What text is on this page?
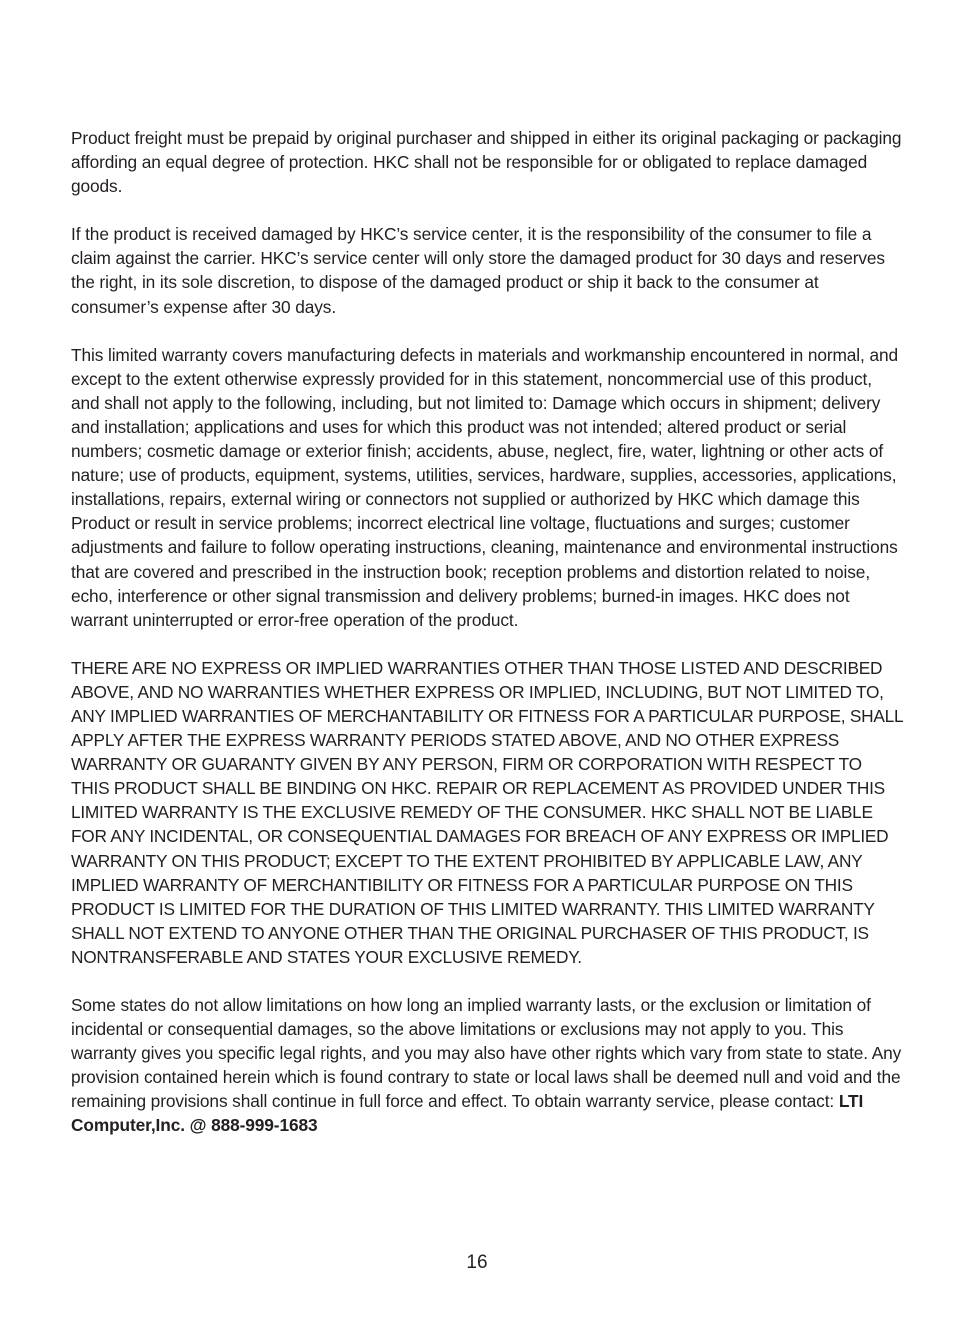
Product freight must be prepaid by original purchaser and shipped in either its original packaging or packaging affording an equal degree of protection. HKC shall not be responsible for or obligated to replace damaged goods.

If the product is received damaged by HKC’s service center, it is the responsibility of the consumer to file a claim against the carrier. HKC’s service center will only store the damaged product for 30 days and reserves the right, in its sole discretion, to dispose of the damaged product or ship it back to the consumer at consumer’s expense after 30 days.

This limited warranty covers manufacturing defects in materials and workmanship encountered in normal, and except to the extent otherwise expressly provided for in this statement, noncommercial use of this product, and shall not apply to the following, including, but not limited to: Damage which occurs in shipment; delivery and installation; applications and uses for which this product was not intended; altered product or serial numbers; cosmetic damage or exterior finish; accidents, abuse, neglect, fire, water, lightning or other acts of nature; use of products, equipment, systems, utilities, services, hardware, supplies, accessories, applications, installations, repairs, external wiring or connectors not supplied or authorized by HKC which damage this Product or result in service problems; incorrect electrical line voltage, fluctuations and surges; customer adjustments and failure to follow operating instructions, cleaning, maintenance and environmental instructions that are covered and prescribed in the instruction book; reception problems and distortion related to noise, echo, interference or other signal transmission and delivery problems; burned-in images. HKC does not warrant uninterrupted or error-free operation of the product.

THERE ARE NO EXPRESS OR IMPLIED WARRANTIES OTHER THAN THOSE LISTED AND DESCRIBED ABOVE, AND NO WARRANTIES WHETHER EXPRESS OR IMPLIED, INCLUDING, BUT NOT LIMITED TO, ANY IMPLIED WARRANTIES OF MERCHANTABILITY OR FITNESS FOR A PARTICULAR PURPOSE, SHALL APPLY AFTER THE EXPRESS WARRANTY PERIODS STATED ABOVE, AND NO OTHER EXPRESS WARRANTY OR GUARANTY GIVEN BY ANY PERSON, FIRM OR CORPORATION WITH RESPECT TO THIS PRODUCT SHALL BE BINDING ON HKC. REPAIR OR REPLACEMENT AS PROVIDED UNDER THIS LIMITED WARRANTY IS THE EXCLUSIVE REMEDY OF THE CONSUMER. HKC SHALL NOT BE LIABLE FOR ANY INCIDENTAL, OR CONSEQUENTIAL DAMAGES FOR BREACH OF ANY EXPRESS OR IMPLIED WARRANTY ON THIS PRODUCT; EXCEPT TO THE EXTENT PROHIBITED BY APPLICABLE LAW, ANY IMPLIED WARRANTY OF MERCHANTIBILITY OR FITNESS FOR A PARTICULAR PURPOSE ON THIS PRODUCT IS LIMITED FOR THE DURATION OF THIS LIMITED WARRANTY. THIS LIMITED WARRANTY SHALL NOT EXTEND TO ANYONE OTHER THAN THE ORIGINAL PURCHASER OF THIS PRODUCT, IS NONTRANSFERABLE AND STATES YOUR EXCLUSIVE REMEDY.

Some states do not allow limitations on how long an implied warranty lasts, or the exclusion or limitation of incidental or consequential damages, so the above limitations or exclusions may not apply to you. This warranty gives you specific legal rights, and you may also have other rights which vary from state to state. Any provision contained herein which is found contrary to state or local laws shall be deemed null and void and the remaining provisions shall continue in full force and effect. To obtain warranty service, please contact: LTI Computer,Inc. @ 888-999-1683

16
